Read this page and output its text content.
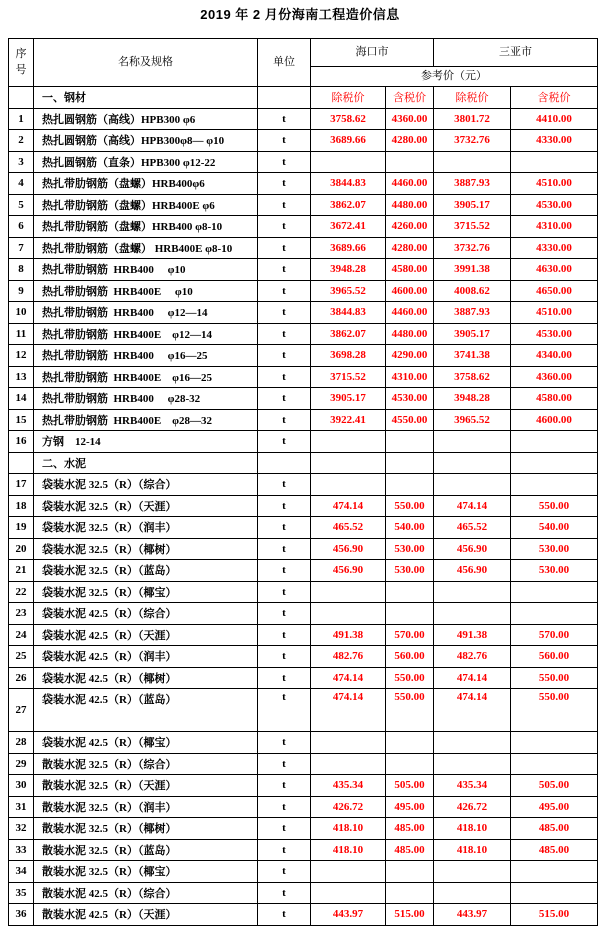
2019 年 2 月份海南工程造价信息
序号	名称及规格	单位	海口市		三亚市	
			参考价（元）			
	一、钢材		除税价	含税价	除税价	含税价
1	热扎圆钢筋（高线）HPB300 φ6	t	3758.62	4360.00	3801.72	4410.00
2	热扎圆钢筋（高线）HPB300φ8— φ10	t	3689.66	4280.00	3732.76	4330.00
3	热扎圆钢筋（直条）HPB300 φ12-22	t				
4	热扎带肋钢筋（盘螺）HRB400φ6	t	3844.83	4460.00	3887.93	4510.00
5	热扎带肋钢筋（盘螺）HRB400E φ6	t	3862.07	4480.00	3905.17	4530.00
6	热扎带肋钢筋（盘螺）HRB400 φ8-10	t	3672.41	4260.00	3715.52	4310.00
7	热扎带肋钢筋（盘螺） HRB400E φ8-10	t	3689.66	4280.00	3732.76	4330.00
8	热扎带肋钢筋  HRB400　 φ10	t	3948.28	4580.00	3991.38	4630.00
9	热扎带肋钢筋  HRB400E　 φ10	t	3965.52	4600.00	4008.62	4650.00
10	热扎带肋钢筋  HRB400　 φ12—14	t	3844.83	4460.00	3887.93	4510.00
11	热扎带肋钢筋  HRB400E　φ12—14	t	3862.07	4480.00	3905.17	4530.00
12	热扎带肋钢筋  HRB400　 φ16—25	t	3698.28	4290.00	3741.38	4340.00
13	热扎带肋钢筋  HRB400E　φ16—25	t	3715.52	4310.00	3758.62	4360.00
14	热扎带肋钢筋  HRB400　 φ28-32	t	3905.17	4530.00	3948.28	4580.00
15	热扎带肋钢筋  HRB400E　φ28—32	t	3922.41	4550.00	3965.52	4600.00
16	方钢　12-14	t				
	二、水泥					
17	袋装水泥 32.5（R）（综合）	t				
18	袋装水泥 32.5（R）（天涯）	t	474.14	550.00	474.14	550.00
19	袋装水泥 32.5（R）（润丰）	t	465.52	540.00	465.52	540.00
20	袋装水泥 32.5（R）（椰树）	t	456.90	530.00	456.90	530.00
21	袋装水泥 32.5（R）（蓝岛）	t	456.90	530.00	456.90	530.00
22	袋装水泥 32.5（R）（椰宝）	t				
23	袋装水泥 42.5（R）（综合）	t				
24	袋装水泥 42.5（R）（天涯）	t	491.38	570.00	491.38	570.00
25	袋装水泥 42.5（R）（润丰）	t	482.76	560.00	482.76	560.00
26	袋装水泥 42.5（R）（椰树）	t	474.14	550.00	474.14	550.00
27	袋装水泥 42.5（R）（蓝岛）	t	474.14	550.00	474.14	550.00
28	袋装水泥 42.5（R）（椰宝）	t				
29	散装水泥 32.5（R）（综合）	t				
30	散装水泥 32.5（R）（天涯）	t	435.34	505.00	435.34	505.00
31	散装水泥 32.5（R）（润丰）	t	426.72	495.00	426.72	495.00
32	散装水泥 32.5（R）（椰树）	t	418.10	485.00	418.10	485.00
33	散装水泥 32.5（R）（蓝岛）	t	418.10	485.00	418.10	485.00
34	散装水泥 32.5（R）（椰宝）	t				
35	散装水泥 42.5（R）（综合）	t				
36	散装水泥 42.5（R）（天涯）	t	443.97	515.00	443.97	515.00
